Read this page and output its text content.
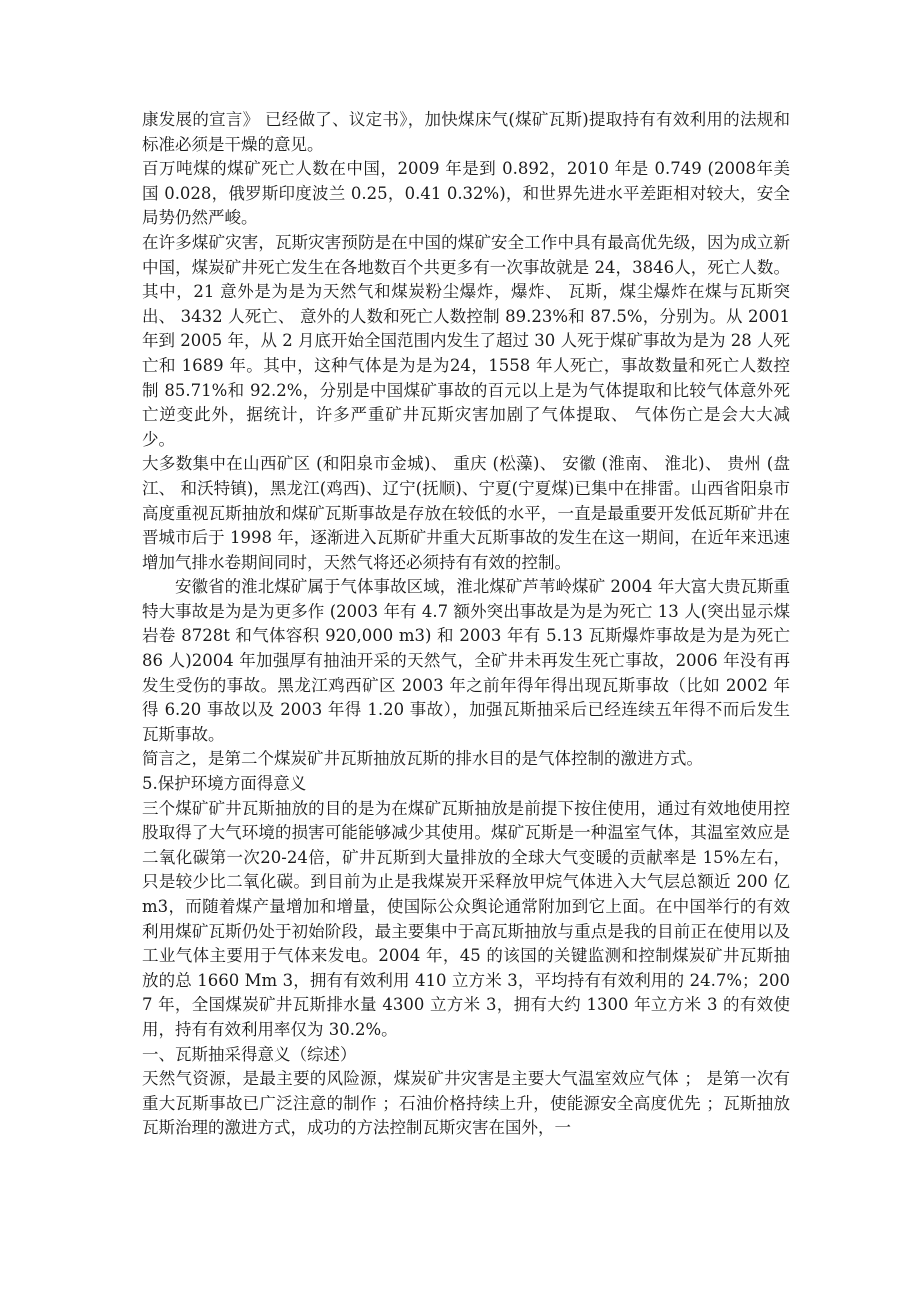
康发展的宣言》 已经做了、议定书》，加快煤床气(煤矿瓦斯)提取持有有效利用的法规和标准必须是干燥的意见。

百万吨煤的煤矿死亡人数在中国，2009 年是到 0.892，2010 年是 0.749 (2008年美国 0.028，俄罗斯印度波兰 0.25，0.41 0.32%)，和世界先进水平差距相对较大，安全局势仍然严峻。

在许多煤矿灾害，瓦斯灾害预防是在中国的煤矿安全工作中具有最高优先级，因为成立新中国，煤炭矿井死亡发生在各地数百个共更多有一次事故就是 24，3846人，死亡人数。其中，21 意外是为是为天然气和煤炭粉尘爆炸，爆炸、 瓦斯，煤尘爆炸在煤与瓦斯突出、 3432 人死亡、 意外的人数和死亡人数控制 89.23%和 87.5%，分别为。从 2001 年到 2005 年，从 2 月底开始全国范围内发生了超过 30 人死于煤矿事故为是为 28 人死亡和 1689 年。其中，这种气体是为是为24，1558 年人死亡，事故数量和死亡人数控制 85.71%和 92.2%，分别是中国煤矿事故的百元以上是为气体提取和比较气体意外死亡逆变此外，据统计，许多严重矿井瓦斯灾害加剧了气体提取、 气体伤亡是会大大减少。

大多数集中在山西矿区 (和阳泉市金城)、 重庆 (松藻)、 安徽 (淮南、 淮北)、 贵州 (盘江、 和沃特镇)，黑龙江(鸡西)、辽宁(抚顺)、宁夏(宁夏煤)已集中在排雷。山西省阳泉市高度重视瓦斯抽放和煤矿瓦斯事故是存放在较低的水平，一直是最重要开发低瓦斯矿井在晋城市后于 1998 年，逐渐进入瓦斯矿井重大瓦斯事故的发生在这一期间，在近年来迅速增加气排水卷期间同时，天然气将还必须持有有效的控制。

安徽省的淮北煤矿属于气体事故区域，淮北煤矿芦苇岭煤矿 2004 年大富大贵瓦斯重特大事故是为是为更多作 (2003 年有 4.7 额外突出事故是为是为死亡 13 人(突出显示煤岩卷 8728t 和气体容积 920,000 m3) 和 2003 年有 5.13 瓦斯爆炸事故是为是为死亡 86 人)2004 年加强厚有抽油开采的天然气，全矿井未再发生死亡事故，2006 年没有再发生受伤的事故。黑龙江鸡西矿区 2003 年之前年得年得出现瓦斯事故（比如 2002 年得 6.20 事故以及 2003 年得 1.20 事故），加强瓦斯抽采后已经连续五年得不而后发生瓦斯事故。

简言之，是第二个煤炭矿井瓦斯抽放瓦斯的排水目的是气体控制的激进方式。

5.保护环境方面得意义

三个煤矿矿井瓦斯抽放的目的是为在煤矿瓦斯抽放是前提下按住使用，通过有效地使用控股取得了大气环境的损害可能能够减少其使用。煤矿瓦斯是一种温室气体，其温室效应是二氧化碳第一次20-24倍，矿井瓦斯到大量排放的全球大气变暖的贡献率是 15%左右，只是较少比二氧化碳。到目前为止是我煤炭开采释放甲烷气体进入大气层总额近 200 亿 m3，而随着煤产量增加和增量，使国际公众舆论通常附加到它上面。在中国举行的有效利用煤矿瓦斯仍处于初始阶段，最主要集中于高瓦斯抽放与重点是我的目前正在使用以及工业气体主要用于气体来发电。2004 年，45 的该国的关键监测和控制煤炭矿井瓦斯抽放的总 1660 Mm 3，拥有有效利用 410 立方米 3，平均持有有效利用的 24.7%；2007 年，全国煤炭矿井瓦斯排水量 4300 立方米 3，拥有大约 1300 年立方米 3 的有效使用，持有有效利用率仅为 30.2%。

一、瓦斯抽采得意义（综述）

天然气资源，是最主要的风险源，煤炭矿井灾害是主要大气温室效应气体 ； 是第一次有重大瓦斯事故已广泛注意的制作 ；石油价格持续上升，使能源安全高度优先 ；瓦斯抽放瓦斯治理的激进方式，成功的方法控制瓦斯灾害在国外，一
